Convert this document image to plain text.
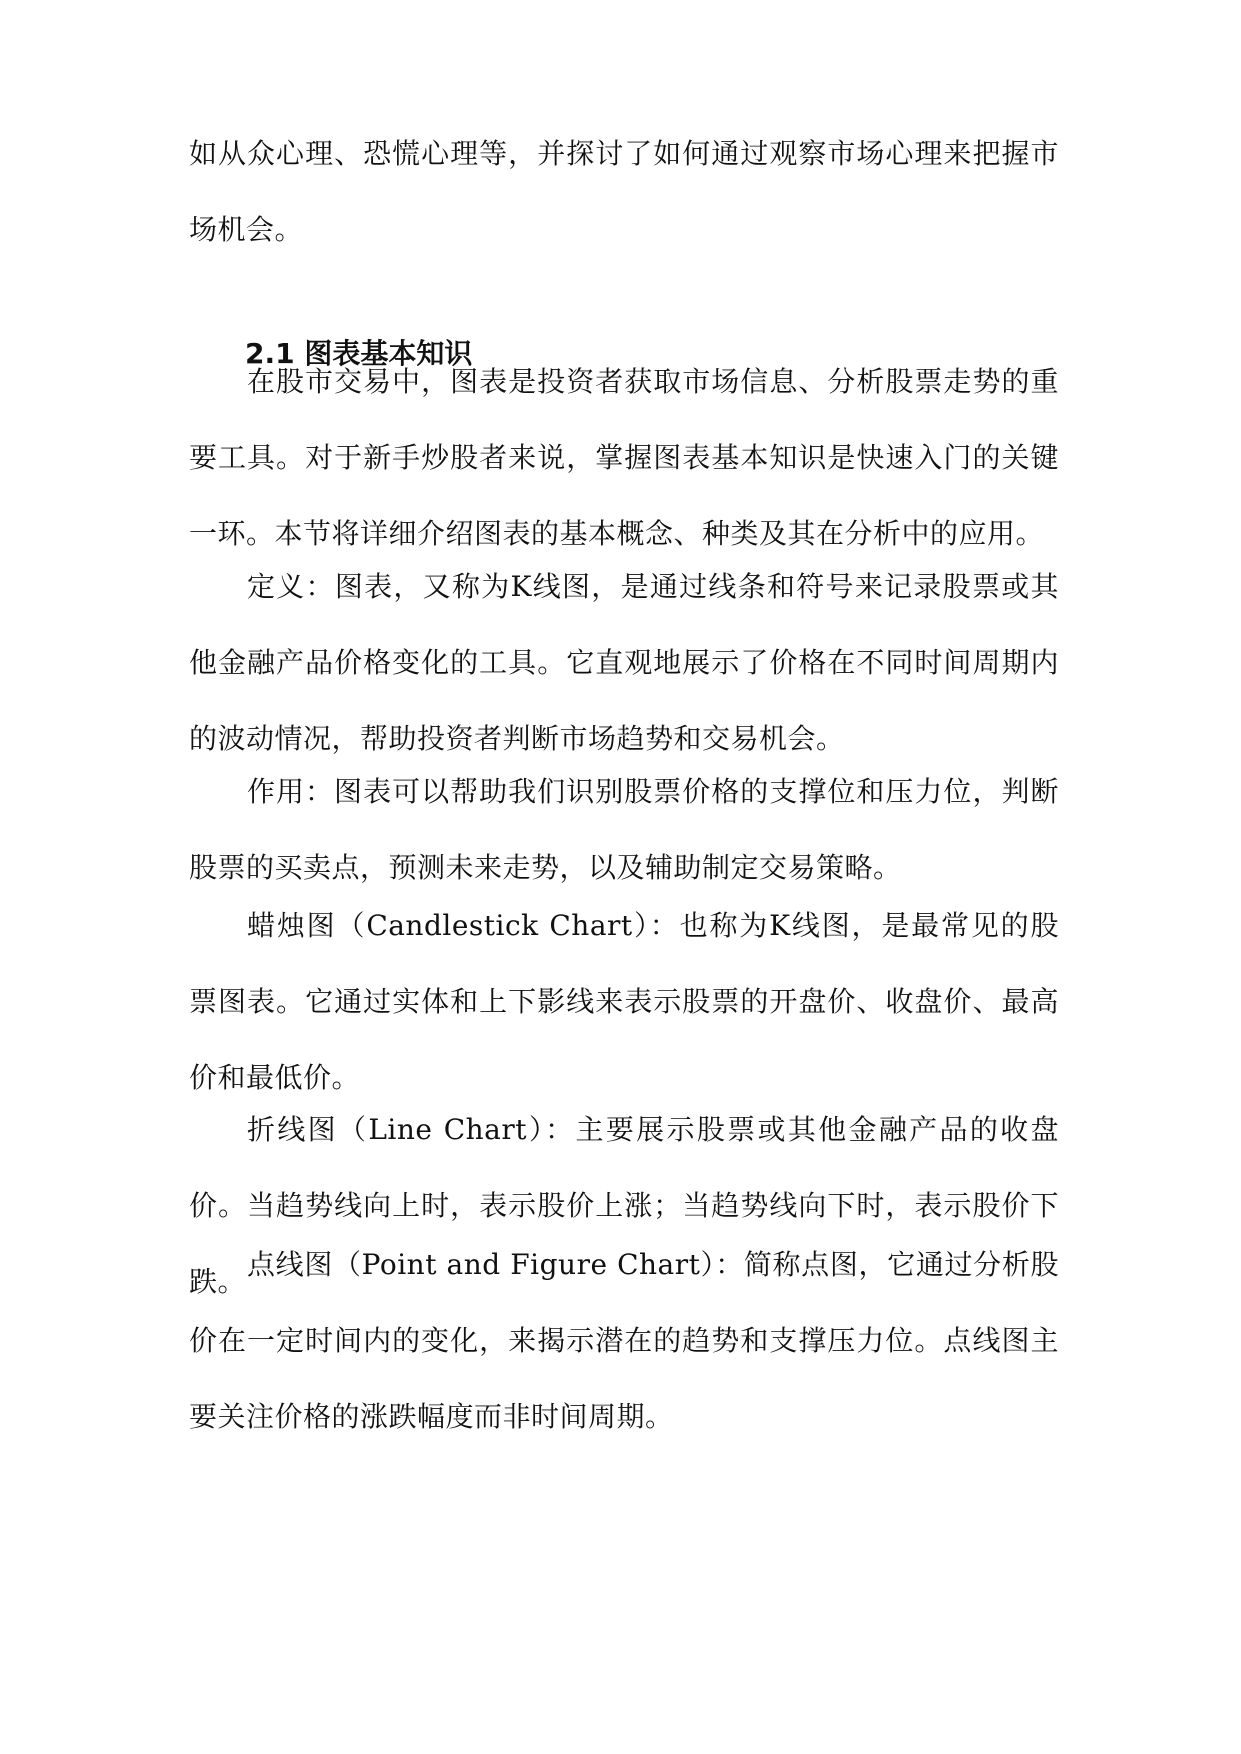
如从众心理、恐慌心理等，并探讨了如何通过观察市场心理来把握市场机会。

2.1 图表基本知识

在股市交易中，图表是投资者获取市场信息、分析股票走势的重要工具。对于新手炒股者来说，掌握图表基本知识是快速入门的关键一环。本节将详细介绍图表的基本概念、种类及其在分析中的应用。

定义：图表，又称为K线图，是通过线条和符号来记录股票或其他金融产品价格变化的工具。它直观地展示了价格在不同时间周期内的波动情况，帮助投资者判断市场趋势和交易机会。

作用：图表可以帮助我们识别股票价格的支撑位和压力位，判断股票的买卖点，预测未来走势，以及辅助制定交易策略。

蜡烛图（Candlestick Chart）：也称为K线图，是最常见的股票图表。它通过实体和上下影线来表示股票的开盘价、收盘价、最高价和最低价。

折线图（Line Chart）：主要展示股票或其他金融产品的收盘价。当趋势线向上时，表示股价上涨；当趋势线向下时，表示股价下跌。

点线图（Point and Figure Chart）：简称点图，它通过分析股价在一定时间内的变化，来揭示潜在的趋势和支撑压力位。点线图主要关注价格的涨跌幅度而非时间周期。
